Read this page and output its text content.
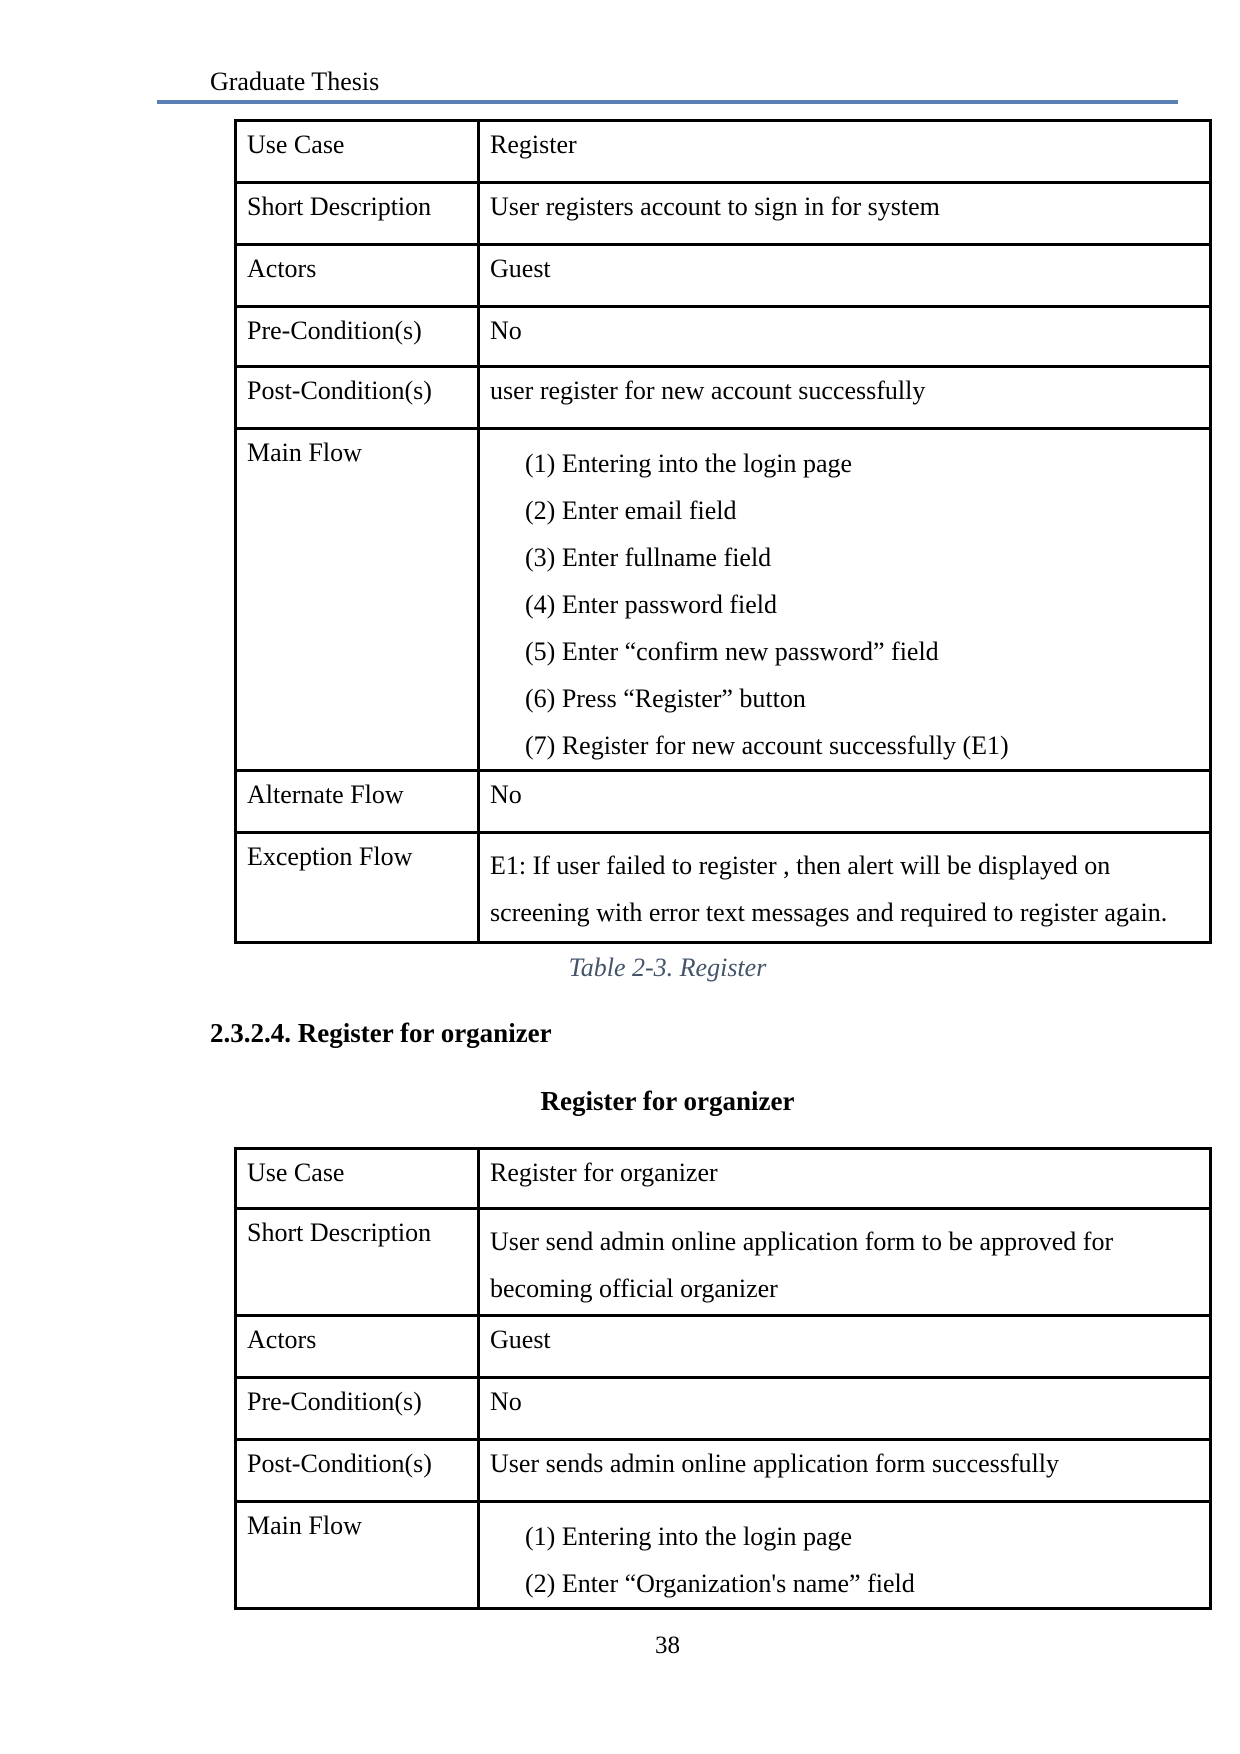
Graduate Thesis
Use Case	Register
Short Description	User registers account to sign in for system
Actors	Guest
Pre-Condition(s)	No
Post-Condition(s)	user register for new account successfully
Main Flow	(1) Entering into the login page
(2) Enter email field
(3) Enter fullname field
(4) Enter password field
(5) Enter “confirm new password” field
(6) Press “Register” button
(7) Register for new account successfully (E1)

Alternate Flow	No
Exception Flow	E1: If user failed to register , then alert will be displayed on
screening with error text messages and required to register again.
Table 2-3. Register
2.3.2.4. Register for organizer
Register for organizer
Use Case	Register for organizer
Short Description	User send admin online application form to be approved for
becoming official organizer

Actors	Guest
Pre-Condition(s)	No
Post-Condition(s)	User sends admin online application form successfully
Main Flow	(1) Entering into the login page
(2) Enter “Organization's name” field
38
